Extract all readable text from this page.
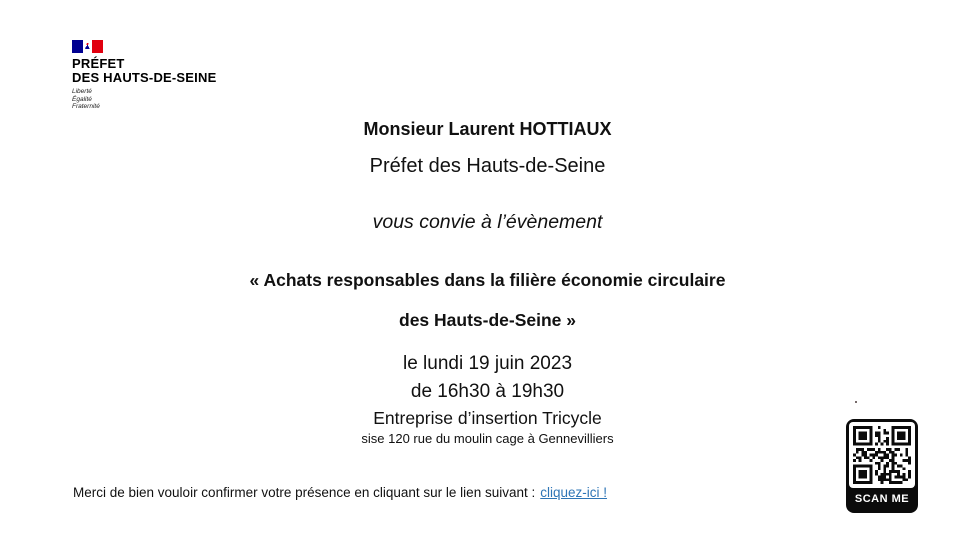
PRÉFET
DES HAUTS-DE-SEINE
Liberté
Égalité
Fraternité
Monsieur Laurent HOTTIAUX
Préfet des Hauts-de-Seine
vous convie à l’évènement
« Achats responsables dans la filière économie circulaire
des Hauts-de-Seine »
le lundi 19 juin 2023
de 16h30 à 19h30
Entreprise d’insertion Tricycle
sise 120 rue du moulin cage à Gennevilliers
Merci de bien vouloir confirmer votre présence en cliquant sur le lien suivant : cliquez-ici !	SCAN ME
